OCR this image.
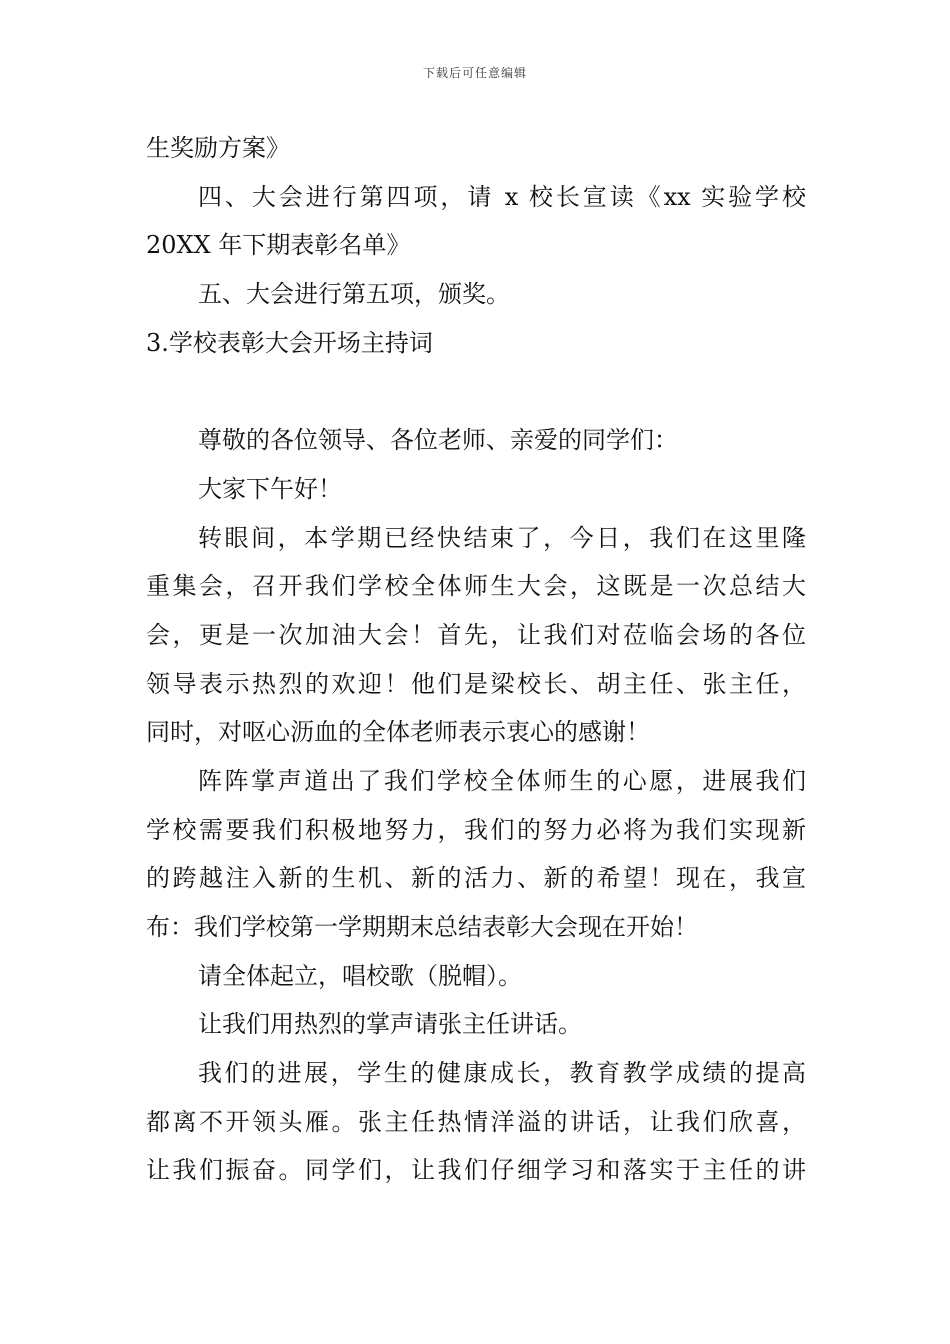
下载后可任意编辑
生奖励方案》
四、大会进行第四项，请 x 校长宣读《xx 实验学校
20XX 年下期表彰名单》
五、大会进行第五项，颁奖。
3.学校表彰大会开场主持词
尊敬的各位领导、各位老师、亲爱的同学们：
大家下午好！
转眼间，本学期已经快结束了，今日，我们在这里隆
重集会，召开我们学校全体师生大会，这既是一次总结大
会，更是一次加油大会！首先，让我们对莅临会场的各位
领导表示热烈的欢迎！他们是梁校长、胡主任、张主任，
同时，对呕心沥血的全体老师表示衷心的感谢！
阵阵掌声道出了我们学校全体师生的心愿，进展我们
学校需要我们积极地努力，我们的努力必将为我们实现新
的跨越注入新的生机、新的活力、新的希望！现在，我宣
布：我们学校第一学期期末总结表彰大会现在开始！
请全体起立，唱校歌（脱帽）。
让我们用热烈的掌声请张主任讲话。
我们的进展，学生的健康成长，教育教学成绩的提高
都离不开领头雁。张主任热情洋溢的讲话，让我们欣喜，
让我们振奋。同学们，让我们仔细学习和落实于主任的讲
